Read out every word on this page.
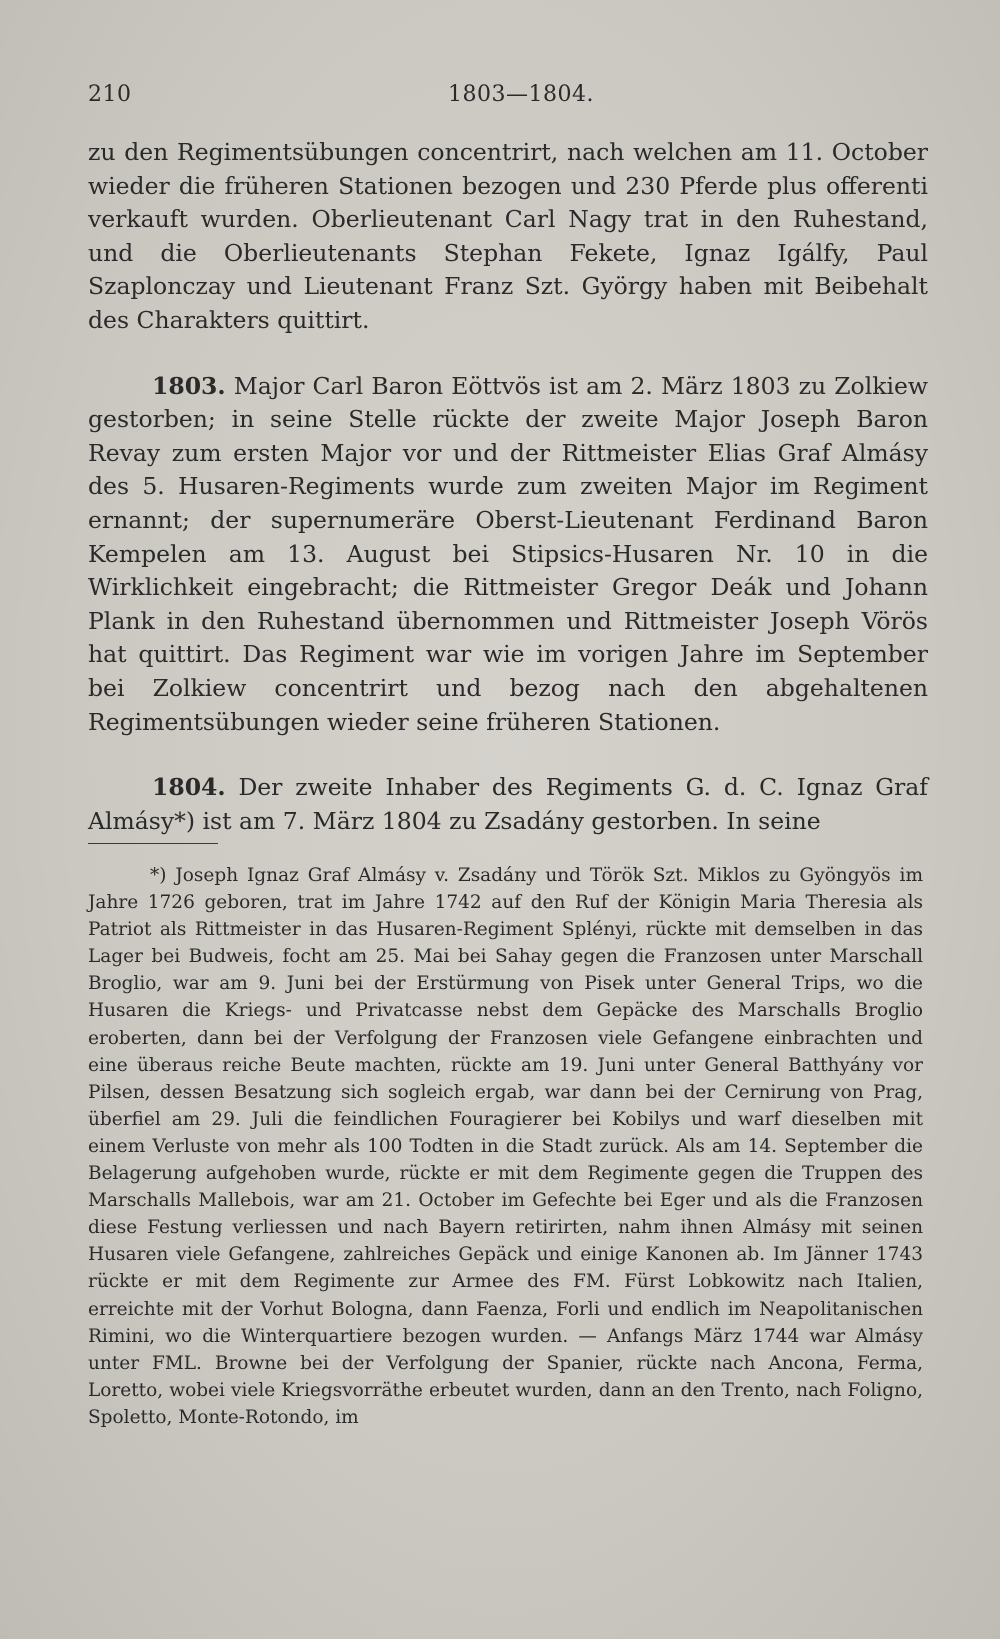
210	1803—1804.

zu den Regimentsübungen concentrirt, nach welchen am 11. October wieder die früheren Stationen bezogen und 230 Pferde plus offerenti verkauft wurden. Oberlieutenant Carl Nagy trat in den Ruhestand, und die Oberlieutenants Stephan Fekete, Ignaz Igálfy, Paul Szaplonczay und Lieutenant Franz Szt. György haben mit Beibehalt des Charakters quittirt.

1803. Major Carl Baron Eöttvös ist am 2. März 1803 zu Zolkiew gestorben; in seine Stelle rückte der zweite Major Joseph Baron Revay zum ersten Major vor und der Rittmeister Elias Graf Almásy des 5. Husaren-Regiments wurde zum zweiten Major im Regiment ernannt; der supernumeräre Oberst-Lieutenant Ferdinand Baron Kempelen am 13. August bei Stipsics-Husaren Nr. 10 in die Wirklichkeit eingebracht; die Rittmeister Gregor Deák und Johann Plank in den Ruhestand übernommen und Rittmeister Joseph Vörös hat quittirt. Das Regiment war wie im vorigen Jahre im September bei Zolkiew concentrirt und bezog nach den abgehaltenen Regimentsübungen wieder seine früheren Stationen.

1804. Der zweite Inhaber des Regiments G. d. C. Ignaz Graf Almásy*) ist am 7. März 1804 zu Zsadány gestorben. In seine

*) Joseph Ignaz Graf Almásy v. Zsadány und Török Szt. Miklos zu Gyöngyös im Jahre 1726 geboren, trat im Jahre 1742 auf den Ruf der Königin Maria Theresia als Patriot als Rittmeister in das Husaren-Regiment Splényi, rückte mit demselben in das Lager bei Budweis, focht am 25. Mai bei Sahay gegen die Franzosen unter Marschall Broglio, war am 9. Juni bei der Erstürmung von Pisek unter General Trips, wo die Husaren die Kriegs- und Privatcasse nebst dem Gepäcke des Marschalls Broglio eroberten, dann bei der Verfolgung der Franzosen viele Gefangene einbrachten und eine überaus reiche Beute machten, rückte am 19. Juni unter General Batthyány vor Pilsen, dessen Besatzung sich sogleich ergab, war dann bei der Cernirung von Prag, überfiel am 29. Juli die feindlichen Fouragierer bei Kobilys und warf dieselben mit einem Verluste von mehr als 100 Todten in die Stadt zurück. Als am 14. September die Belagerung aufgehoben wurde, rückte er mit dem Regimente gegen die Truppen des Marschalls Mallebois, war am 21. October im Gefechte bei Eger und als die Franzosen diese Festung verliessen und nach Bayern retirirten, nahm ihnen Almásy mit seinen Husaren viele Gefangene, zahlreiches Gepäck und einige Kanonen ab. Im Jänner 1743 rückte er mit dem Regimente zur Armee des FM. Fürst Lobkowitz nach Italien, erreichte mit der Vorhut Bologna, dann Faenza, Forli und endlich im Neapolitanischen Rimini, wo die Winterquartiere bezogen wurden. — Anfangs März 1744 war Almásy unter FML. Browne bei der Verfolgung der Spanier, rückte nach Ancona, Ferma, Loretto, wobei viele Kriegsvorräthe erbeutet wurden, dann an den Trento, nach Foligno, Spoletto, Monte-Rotondo, im
